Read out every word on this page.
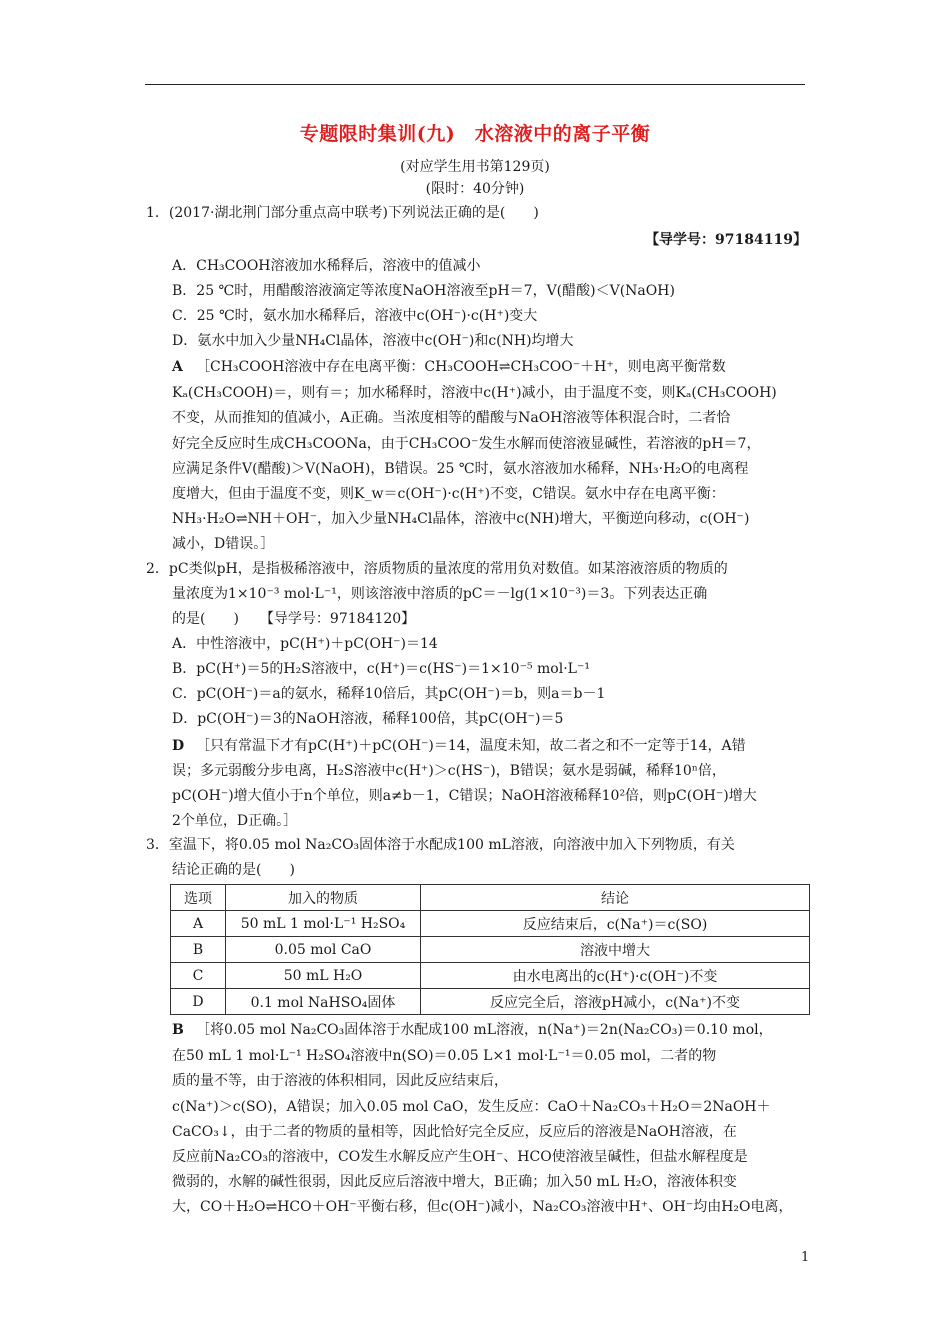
专题限时集训(九)　水溶液中的离子平衡
(对应学生用书第129页)
(限时：40分钟)
1．(2017·湖北荆门部分重点高中联考)下列说法正确的是(　　)
【导学号：97184119】
A．CH₃COOH溶液加水稀释后，溶液中的值减小
B．25 ℃时，用醋酸溶液滴定等浓度NaOH溶液至pH＝7，V(醋酸)＜V(NaOH)
C．25 ℃时，氨水加水稀释后，溶液中c(OH⁻)·c(H⁺)变大
D．氨水中加入少量NH₄Cl晶体，溶液中c(OH⁻)和c(NH)均增大
A ［CH₃COOH溶液中存在电离平衡：CH₃COOH⇌CH₃COO⁻＋H⁺，则电离平衡常数
Kₐ(CH₃COOH)＝，则有＝；加水稀释时，溶液中c(H⁺)减小，由于温度不变，则Kₐ(CH₃COOH)
不变，从而推知的值减小，A正确。当浓度相等的醋酸与NaOH溶液等体积混合时，二者恰
好完全反应时生成CH₃COONa，由于CH₃COO⁻发生水解而使溶液显碱性，若溶液的pH＝7，
应满足条件V(醋酸)＞V(NaOH)，B错误。25 ℃时，氨水溶液加水稀释，NH₃·H₂O的电离程
度增大，但由于温度不变，则K_w＝c(OH⁻)·c(H⁺)不变，C错误。氨水中存在电离平衡：
NH₃·H₂O⇌NH＋OH⁻，加入少量NH₄Cl晶体，溶液中c(NH)增大，平衡逆向移动，c(OH⁻)
减小，D错误。］
2．pC类似pH，是指极稀溶液中，溶质物质的量浓度的常用负对数值。如某溶液溶质的物质的
量浓度为1×10⁻³ mol·L⁻¹，则该溶液中溶质的pC＝－lg(1×10⁻³)＝3。下列表达正确
的是(　　)　　【导学号：97184120】
A．中性溶液中，pC(H⁺)＋pC(OH⁻)＝14
B．pC(H⁺)＝5的H₂S溶液中，c(H⁺)＝c(HS⁻)＝1×10⁻⁵ mol·L⁻¹
C．pC(OH⁻)＝a的氨水，稀释10倍后，其pC(OH⁻)＝b，则a＝b－1
D．pC(OH⁻)＝3的NaOH溶液，稀释100倍，其pC(OH⁻)＝5
D ［只有常温下才有pC(H⁺)＋pC(OH⁻)＝14，温度未知，故二者之和不一定等于14，A错
误；多元弱酸分步电离，H₂S溶液中c(H⁺)＞c(HS⁻)，B错误；氨水是弱碱，稀释10ⁿ倍，
pC(OH⁻)增大值小于n个单位，则a≠b－1，C错误；NaOH溶液稀释10²倍，则pC(OH⁻)增大
2个单位，D正确。］
3．室温下，将0.05 mol Na₂CO₃固体溶于水配成100 mL溶液，向溶液中加入下列物质，有关
结论正确的是(　　)
选项	加入的物质	结论
A	50 mL 1 mol·L⁻¹ H₂SO₄	反应结束后，c(Na⁺)＝c(SO)
B	0.05 mol CaO	溶液中增大
C	50 mL H₂O	由水电离出的c(H⁺)·c(OH⁻)不变
D	0.1 mol NaHSO₄固体	反应完全后，溶液pH减小，c(Na⁺)不变
B ［将0.05 mol Na₂CO₃固体溶于水配成100 mL溶液，n(Na⁺)＝2n(Na₂CO₃)＝0.10 mol，
在50 mL 1 mol·L⁻¹ H₂SO₄溶液中n(SO)＝0.05 L×1 mol·L⁻¹＝0.05 mol，二者的物
质的量不等，由于溶液的体积相同，因此反应结束后，
c(Na⁺)＞c(SO)，A错误；加入0.05 mol CaO，发生反应：CaO＋Na₂CO₃＋H₂O＝2NaOH＋
CaCO₃↓，由于二者的物质的量相等，因此恰好完全反应，反应后的溶液是NaOH溶液，在
反应前Na₂CO₃的溶液中，CO发生水解反应产生OH⁻、HCO使溶液呈碱性，但盐水解程度是
微弱的，水解的碱性很弱，因此反应后溶液中增大，B正确；加入50 mL H₂O，溶液体积变
大，CO＋H₂O⇌HCO＋OH⁻平衡右移，但c(OH⁻)减小，Na₂CO₃溶液中H⁺、OH⁻均由H₂O电离，
1
